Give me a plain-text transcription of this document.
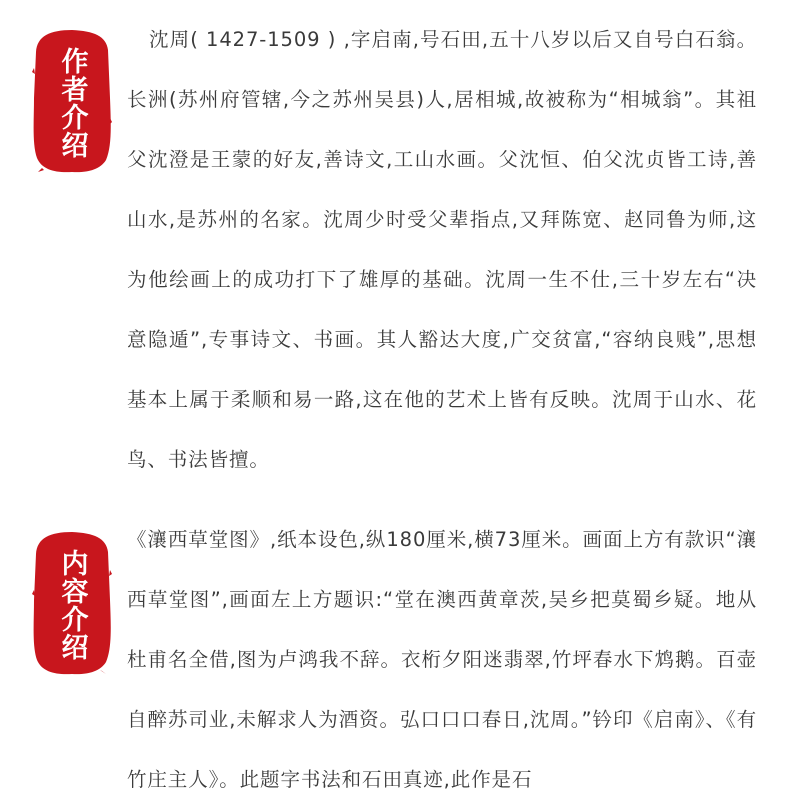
作者介绍

沈周( 1427-1509 ) ,字启南,号石田,五十八岁以后又自号白石翁。长洲(苏州府管辖,今之苏州吴县)人,居相城,故被称为“相城翁”。其祖父沈澄是王蒙的好友,善诗文,工山水画。父沈恒、伯父沈贞皆工诗,善山水,是苏州的名家。沈周少时受父辈指点,又拜陈宽、赵同鲁为师,这为他绘画上的成功打下了雄厚的基础。沈周一生不仕,三十岁左右“决意隐遁”,专事诗文、书画。其人豁达大度,广交贫富,“容纳良贱”,思想基本上属于柔顺和易一路,这在他的艺术上皆有反映。沈周于山水、花鸟、书法皆擅。

内容介绍

《瀼西草堂图》,纸本设色,纵180厘米,横73厘米。画面上方有款识“瀼西草堂图”,画面左上方题识:“堂在澳西黄章茨,吴乡把莫蜀乡疑。地从杜甫名全借,图为卢鸿我不辞。衣桁夕阳迷翡翠,竹坪春水下鸩鹅。百壶自醉苏司业,未解求人为酒资。弘口口口春日,沈周。”钤印《启南》、《有竹庄主人》。此题字书法和石田真迹,此作是石
